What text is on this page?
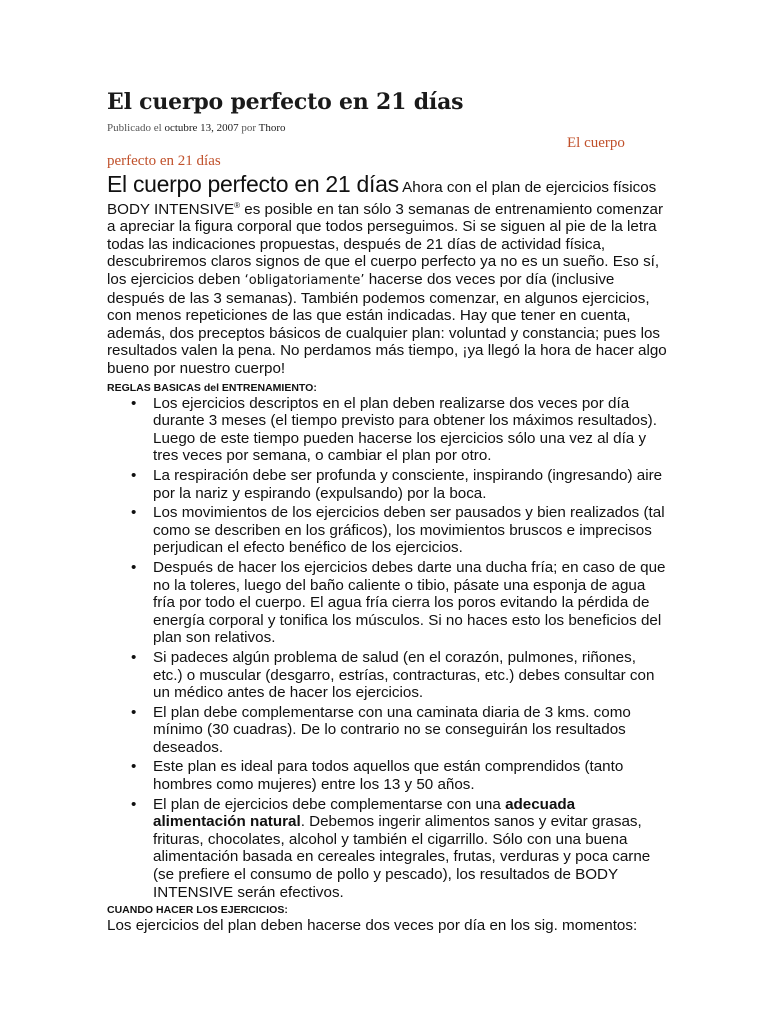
El cuerpo perfecto en 21 días
Publicado el octubre 13, 2007 por Thoro
El cuerpo
perfecto en 21 días

El cuerpo perfecto en 21 días Ahora con el plan de ejercicios físicos BODY INTENSIVE® es posible en tan sólo 3 semanas de entrenamiento comenzar a apreciar la figura corporal que todos perseguimos. Si se siguen al pie de la letra todas las indicaciones propuestas, después de 21 días de actividad física, descubriremos claros signos de que el cuerpo perfecto ya no es un sueño. Eso sí, los ejercicios deben ‘obligatoriamente’ hacerse dos veces por día (inclusive después de las 3 semanas). También podemos comenzar, en algunos ejercicios, con menos repeticiones de las que están indicadas. Hay que tener en cuenta, además, dos preceptos básicos de cualquier plan: voluntad y constancia; pues los resultados valen la pena. No perdamos más tiempo, ¡ya llegó la hora de hacer algo bueno por nuestro cuerpo!

REGLAS BASICAS del ENTRENAMIENTO:
• Los ejercicios descriptos en el plan deben realizarse dos veces por día durante 3 meses (el tiempo previsto para obtener los máximos resultados). Luego de este tiempo pueden hacerse los ejercicios sólo una vez al día y tres veces por semana, o cambiar el plan por otro.
• La respiración debe ser profunda y consciente, inspirando (ingresando) aire por la nariz y espirando (expulsando) por la boca.
• Los movimientos de los ejercicios deben ser pausados y bien realizados (tal como se describen en los gráficos), los movimientos bruscos e imprecisos perjudican el efecto benéfico de los ejercicios.
• Después de hacer los ejercicios debes darte una ducha fría; en caso de que no la toleres, luego del baño caliente o tibio, pásate una esponja de agua fría por todo el cuerpo. El agua fría cierra los poros evitando la pérdida de energía corporal y tonifica los músculos. Si no haces esto los beneficios del plan son relativos.
• Si padeces algún problema de salud (en el corazón, pulmones, riñones, etc.) o muscular (desgarro, estrías, contracturas, etc.) debes consultar con un médico antes de hacer los ejercicios.
• El plan debe complementarse con una caminata diaria de 3 kms. como mínimo (30 cuadras). De lo contrario no se conseguirán los resultados deseados.
• Este plan es ideal para todos aquellos que están comprendidos (tanto hombres como mujeres) entre los 13 y 50 años.
• El plan de ejercicios debe complementarse con una adecuada alimentación natural. Debemos ingerir alimentos sanos y evitar grasas, frituras, chocolates, alcohol y también el cigarrillo. Sólo con una buena alimentación basada en cereales integrales, frutas, verduras y poca carne (se prefiere el consumo de pollo y pescado), los resultados de BODY INTENSIVE serán efectivos.
CUANDO HACER LOS EJERCICIOS:
Los ejercicios del plan deben hacerse dos veces por día en los sig. momentos:
